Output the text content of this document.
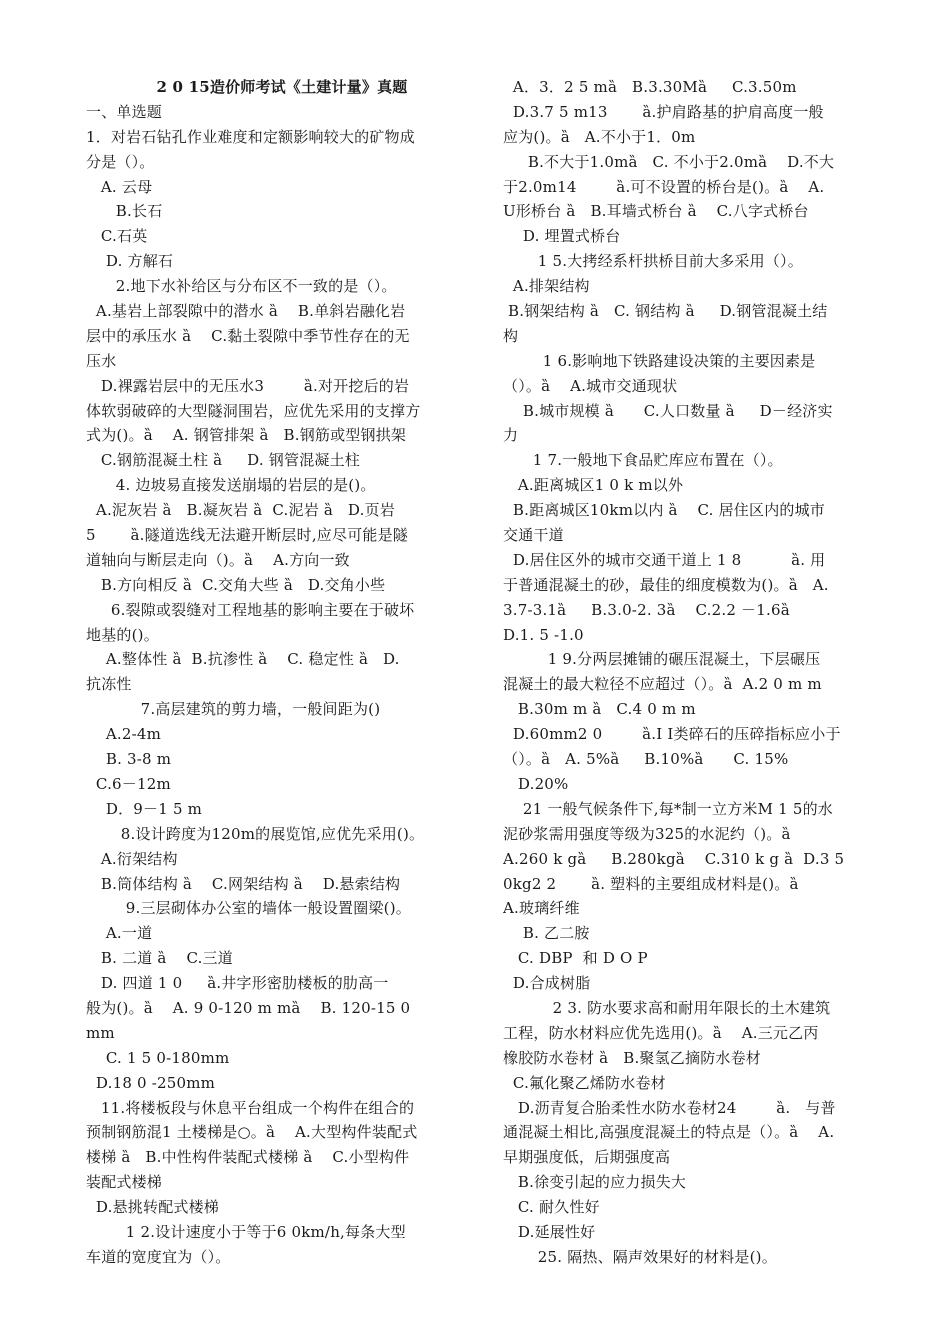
2 0 15造价师考试《土建计量》真题
一、单选题
1．对岩石钻孔作业难度和定额影响较大的矿物成
分是（）。
A. 云母
B.长石
C.石英
D. 方解石
2.地下水补给区与分布区不一致的是（）。
A.基岩上部裂隙中的潜水 ȁ    B.单斜岩融化岩
层中的承压水 ȁ    C.黏土裂隙中季节性存在的无
压水
D.裸露岩层中的无压水3        ȁ.对开挖后的岩
体软弱破碎的大型隧洞围岩，应优先采用的支撑方
式为()。ȁ    A. 钢管排架 ȁ   B.钢筋或型钢拱架
C.钢筋混凝土柱 ȁ     D. 钢管混凝土柱
4. 边坡易直接发送崩塌的岩层的是()。
A.泥灰岩 ȁ   B.凝灰岩 ȁ  C.泥岩 ȁ   D.页岩
5       ȁ.隧道选线无法避开断层时,应尽可能是隧
道轴向与断层走向（)。ȁ    A.方向一致
B.方向相反 ȁ  C.交角大些 ȁ   D.交角小些
6.裂隙或裂缝对工程地基的影响主要在于破坏
地基的()。
A.整体性 ȁ  B.抗渗性 ȁ    C. 稳定性 ȁ   D.
抗冻性
7.高层建筑的剪力墙，一般间距为()
A.2-4m
B. 3-8 m
C.6－12m
D．9－1 5 m
8.设计跨度为120m的展览馆,应优先采用()。
A.衍架结构
B.筒体结构 ȁ    C.网架结构 ȁ    D.悬索结构
9.三层砌体办公室的墙体一般设置圈梁()。
A.一道
B. 二道 ȁ    C.三道
D. 四道 1 0     ȁ.井字形密肋楼板的肋高一
般为()。ȁ    A. 9 0-120 m mȁ    B. 120-15 0
mm
C. 1 5 0-180mm
D.18 0 -250mm
11.将楼板段与休息平台组成一个构件在组合的
预制钢筋混1 土楼梯是○。ȁ    A.大型构件装配式
楼梯 ȁ   B.中性构件装配式楼梯 ȁ    C.小型构件
装配式楼梯
D.悬挑转配式楼梯
1 2.设计速度小于等于6 0km/h,每条大型
车道的宽度宜为（）。
A．3．2 5 mȁ   B.3.30Mȁ     C.3.50m
D.3.7 5 m13       ȁ.护肩路基的护肩高度一般
应为()。ȁ   A.不小于1．0m
B.不大于1.0mȁ   C. 不小于2.0mȁ    D.不大
于2.0m14        ȁ.可不设置的桥台是()。ȁ    A.
U形桥台 ȁ   B.耳墙式桥台 ȁ    C.八字式桥台
D. 埋置式桥台
1 5.大拷经系杆拱桥目前大多采用（）。
A.排架结构
B.钢架结构 ȁ   C. 钢结构 ȁ     D.钢管混凝土结
构
1 6.影响地下铁路建设决策的主要因素是
（）。ȁ    A.城市交通现状
B.城市规模 ȁ      C.人口数量 ȁ     D－经济实
力
1 7.一般地下食品贮库应布置在（）。
A.距离城区1 0 k m以外
B.距离城区10km以内 ȁ    C. 居住区内的城市
交通干道
D.居住区外的城市交通干道上 1 8          ȁ. 用
于普通混凝土的砂，最佳的细度模数为()。ȁ   A.
3.7-3.1ȁ     B.3.0-2. 3ȁ    C.2.2 －1.6ȁ
D.1. 5 -1.0
1 9.分两层摊铺的碾压混凝土，下层碾压
混凝土的最大粒径不应超过（）。ȁ  A.2 0 m m
B.30m m ȁ   C.4 0 m m
D.60mm2 0        ȁ.I I类碎石的压碎指标应小于
（）。ȁ   A. 5%ȁ     B.10%ȁ      C. 15%
D.20%
21 一般气候条件下,每*制一立方米M 1 5的水
泥砂浆需用强度等级为325的水泥约（)。ȁ
A.260 k gȁ     B.280kgȁ    C.310 k g ȁ  D.3 5
0kg2 2       ȁ. 塑料的主要组成材料是()。ȁ
A.玻璃纤维
B. 乙二胺
C. DBP  和 D O P
D.合成树脂
2 3. 防水要求高和耐用年限长的土木建筑
工程，防水材料应优先选用()。ȁ    A.三元乙丙
橡胶防水卷材 ȁ   B.聚氢乙摘防水卷材
C.氟化聚乙烯防水卷材
D.沥青复合胎柔性水防水卷材24        ȁ.   与普
通混凝土相比,高强度混凝土的特点是（）。ȁ    A.
早期强度低，后期强度高
B.徐变引起的应力损失大
C. 耐久性好
D.延展性好
25. 隔热、隔声效果好的材料是()。
